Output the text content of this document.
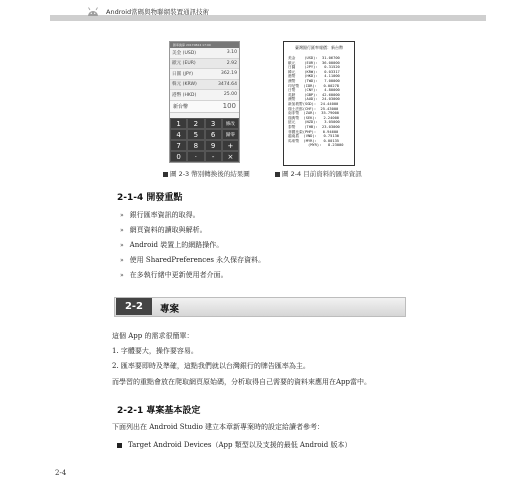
Android當碼與物聯網裝置通訊技術
匯率換算 20170824 17:00
美金 (USD)	3.10
歐元 (EUR)	2.92
日圓 (JPY)	362.19
韓元 (KRW)	3474.64
港幣 (HKD)	25.00
新台幣	100
1	2	3	修改
4	5	6	歸零
7	8	9	+
0	·	-	×
圖 2-3 幣別轉換後的結果圖
臺灣銀行匯率報價：新台幣
美金    (USD):  31.06700
歐元    (EUR):  36.00000
日圓    (JPY):   0.31520
韓元    (KRW):   0.03317
港幣    (HKD):   4.11000
澳幣    (TWD):   7.00000
印尼幣  (IDR):   0.00278
日幣    (CNY):   4.80000
英鎊    (GBP):  42.60000
澳幣    (AUD):  24.03000
新加坡幣(SGD):  24.44000
瑞士法郎(CHF):  25.43000
南非幣  (ZAR):  35.79000
瑞典幣  (SEK):   2.24000
紐元    (NZD):   3.05000
泰幣    (THB):  23.03000
菲國比索(PHP):   0.94600
越南盾  (VND):   0.75130
馬來幣  (MYR):   0.00135
(MYR):   8.23000
圖 2-4 目前資料的匯率資訊
2-1-4 開發重點
» 銀行匯率資訊的取得。
» 網頁資料的讀取與解析。
» Android 裝置上的網路操作。
» 使用 SharedPreferences 永久保存資料。
» 在多執行緒中更新使用者介面。
2-2	專案
這個 App 的需求很簡單：
1. 字體要大，操作要容易。
2. 匯率要即時及準確，這點我們就以台灣銀行的牌告匯率為主。
而學習的重點會放在爬取網頁原始碼，分析取得自己需要的資料來應用在App當中。
2-2-1 專案基本設定
下面列出在 Android Studio 建立本章新專案時的設定給讀者參考：
Target Android Devices（App 類型以及支援的最低 Android 版本）
2-4
